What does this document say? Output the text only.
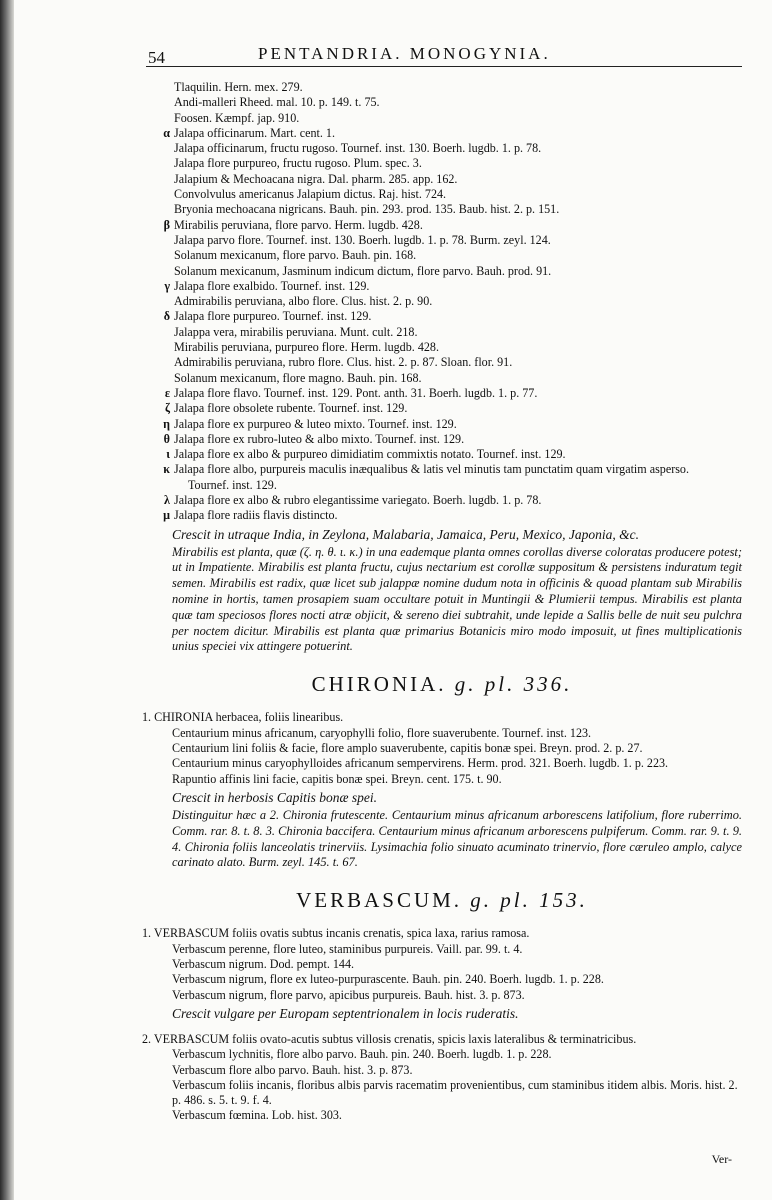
54	PENTANDRIA. MONOGYNIA.
Tlaquilin. Hern. mex. 279.
Andi-malleri Rheed. mal. 10. p. 149. t. 75.
Foosen. Kæmpf. jap. 910.
α Jalapa officinarum. Mart. cent. 1.
Jalapa officinarum, fructu rugoso. Tournef. inst. 130. Boerh. lugdb. 1. p. 78.
Jalapa flore purpureo, fructu rugoso. Plum. spec. 3.
Jalapium & Mechoacana nigra. Dal. pharm. 285. app. 162.
Convolvulus americanus Jalapium dictus. Raj. hist. 724.
Bryonia mechoacana nigricans. Bauh. pin. 293. prod. 135. Baub. hist. 2. p. 151.
β Mirabilis peruviana, flore parvo. Herm. lugdb. 428.
Jalapa parvo flore. Tournef. inst. 130. Boerh. lugdb. 1. p. 78. Burm. zeyl. 124.
Solanum mexicanum, flore parvo. Bauh. pin. 168.
Solanum mexicanum, Jasminum indicum dictum, flore parvo. Bauh. prod. 91.
γ Jalapa flore exalbido. Tournef. inst. 129.
Admirabilis peruviana, albo flore. Clus. hist. 2. p. 90.
δ Jalapa flore purpureo. Tournef. inst. 129.
Jalappa vera, mirabilis peruviana. Munt. cult. 218.
Mirabilis peruviana, purpureo flore. Herm. lugdb. 428.
Admirabilis peruviana, rubro flore. Clus. hist. 2. p. 87. Sloan. flor. 91.
Solanum mexicanum, flore magno. Bauh. pin. 168.
ε Jalapa flore flavo. Tournef. inst. 129. Pont. anth. 31. Boerh. lugdb. 1. p. 77.
ζ Jalapa flore obsolete rubente. Tournef. inst. 129.
η Jalapa flore ex purpureo & luteo mixto. Tournef. inst. 129.
θ Jalapa flore ex rubro-luteo & albo mixto. Tournef. inst. 129.
ι Jalapa flore ex albo & purpureo dimidiatim commixtis notato. Tournef. inst. 129.
κ Jalapa flore albo, purpureis maculis inæqualibus & latis vel minutis tam punctatim quam virgatim asperso.
Tournef. inst. 129.
λ Jalapa flore ex albo & rubro elegantissime variegato. Boerh. lugdb. 1. p. 78.
μ Jalapa flore radiis flavis distincto.
Crescit in utraque India, in Zeylona, Malabaria, Jamaica, Peru, Mexico, Japonia, &c.
Mirabilis est planta, quæ (ζ. η. θ. ι. κ.) in una eademque planta omnes corollas diverse coloratas producere potest; ut in Impatiente. Mirabilis est planta fructu, cujus nectarium est corollæ suppositum & persistens induratum tegit semen. Mirabilis est radix, quæ licet sub jalappæ nomine dudum nota in officinis & quoad plantam sub Mirabilis nomine in hortis, tamen prosapiem suam occultare potuit in Muntingii & Plumierii tempus. Mirabilis est planta quæ tam speciosos flores nocti atræ objicit, & sereno diei subtrahit, unde lepide a Sallis belle de nuit seu pulchra per noctem dicitur. Mirabilis est planta quæ primarius Botanicis miro modo imposuit, ut fines multiplicationis unius speciei vix attingere potuerint.
CHIRONIA. g. pl. 336.
1. CHIRONIA herbacea, foliis linearibus.
Centaurium minus africanum, caryophylli folio, flore suaverubente. Tournef. inst. 123.
Centaurium lini foliis & facie, flore amplo suaverubente, capitis bonæ spei. Breyn. prod. 2. p. 27.
Centaurium minus caryophylloides africanum sempervirens. Herm. prod. 321. Boerh. lugdb. 1. p. 223.
Rapuntio affinis lini facie, capitis bonæ spei. Breyn. cent. 175. t. 90.
Crescit in herbosis Capitis bonæ spei.
Distinguitur hæc a 2. Chironia frutescente. Centaurium minus africanum arborescens latifolium, flore ruberrimo. Comm. rar. 8. t. 8. 3. Chironia baccifera. Centaurium minus africanum arborescens pulpiferum. Comm. rar. 9. t. 9. 4. Chironia foliis lanceolatis trinerviis. Lysimachia folio sinuato acuminato trinervio, flore cæruleo amplo, calyce carinato alato. Burm. zeyl. 145. t. 67.
VERBASCUM. g. pl. 153.
1. VERBASCUM foliis ovatis subtus incanis crenatis, spica laxa, rarius ramosa.
Verbascum perenne, flore luteo, staminibus purpureis. Vaill. par. 99. t. 4.
Verbascum nigrum. Dod. pempt. 144.
Verbascum nigrum, flore ex luteo-purpurascente. Bauh. pin. 240. Boerh. lugdb. 1. p. 228.
Verbascum nigrum, flore parvo, apicibus purpureis. Bauh. hist. 3. p. 873.
Crescit vulgare per Europam septentrionalem in locis ruderatis.
2. VERBASCUM foliis ovato-acutis subtus villosis crenatis, spicis laxis lateralibus & terminatricibus.
Verbascum lychnitis, flore albo parvo. Bauh. pin. 240. Boerh. lugdb. 1. p. 228.
Verbascum flore albo parvo. Bauh. hist. 3. p. 873.
Verbascum foliis incanis, floribus albis parvis racematim provenientibus, cum staminibus itidem albis. Moris. hist. 2. p. 486. s. 5. t. 9. f. 4.
Verbascum fœmina. Lob. hist. 303.
Ver-
